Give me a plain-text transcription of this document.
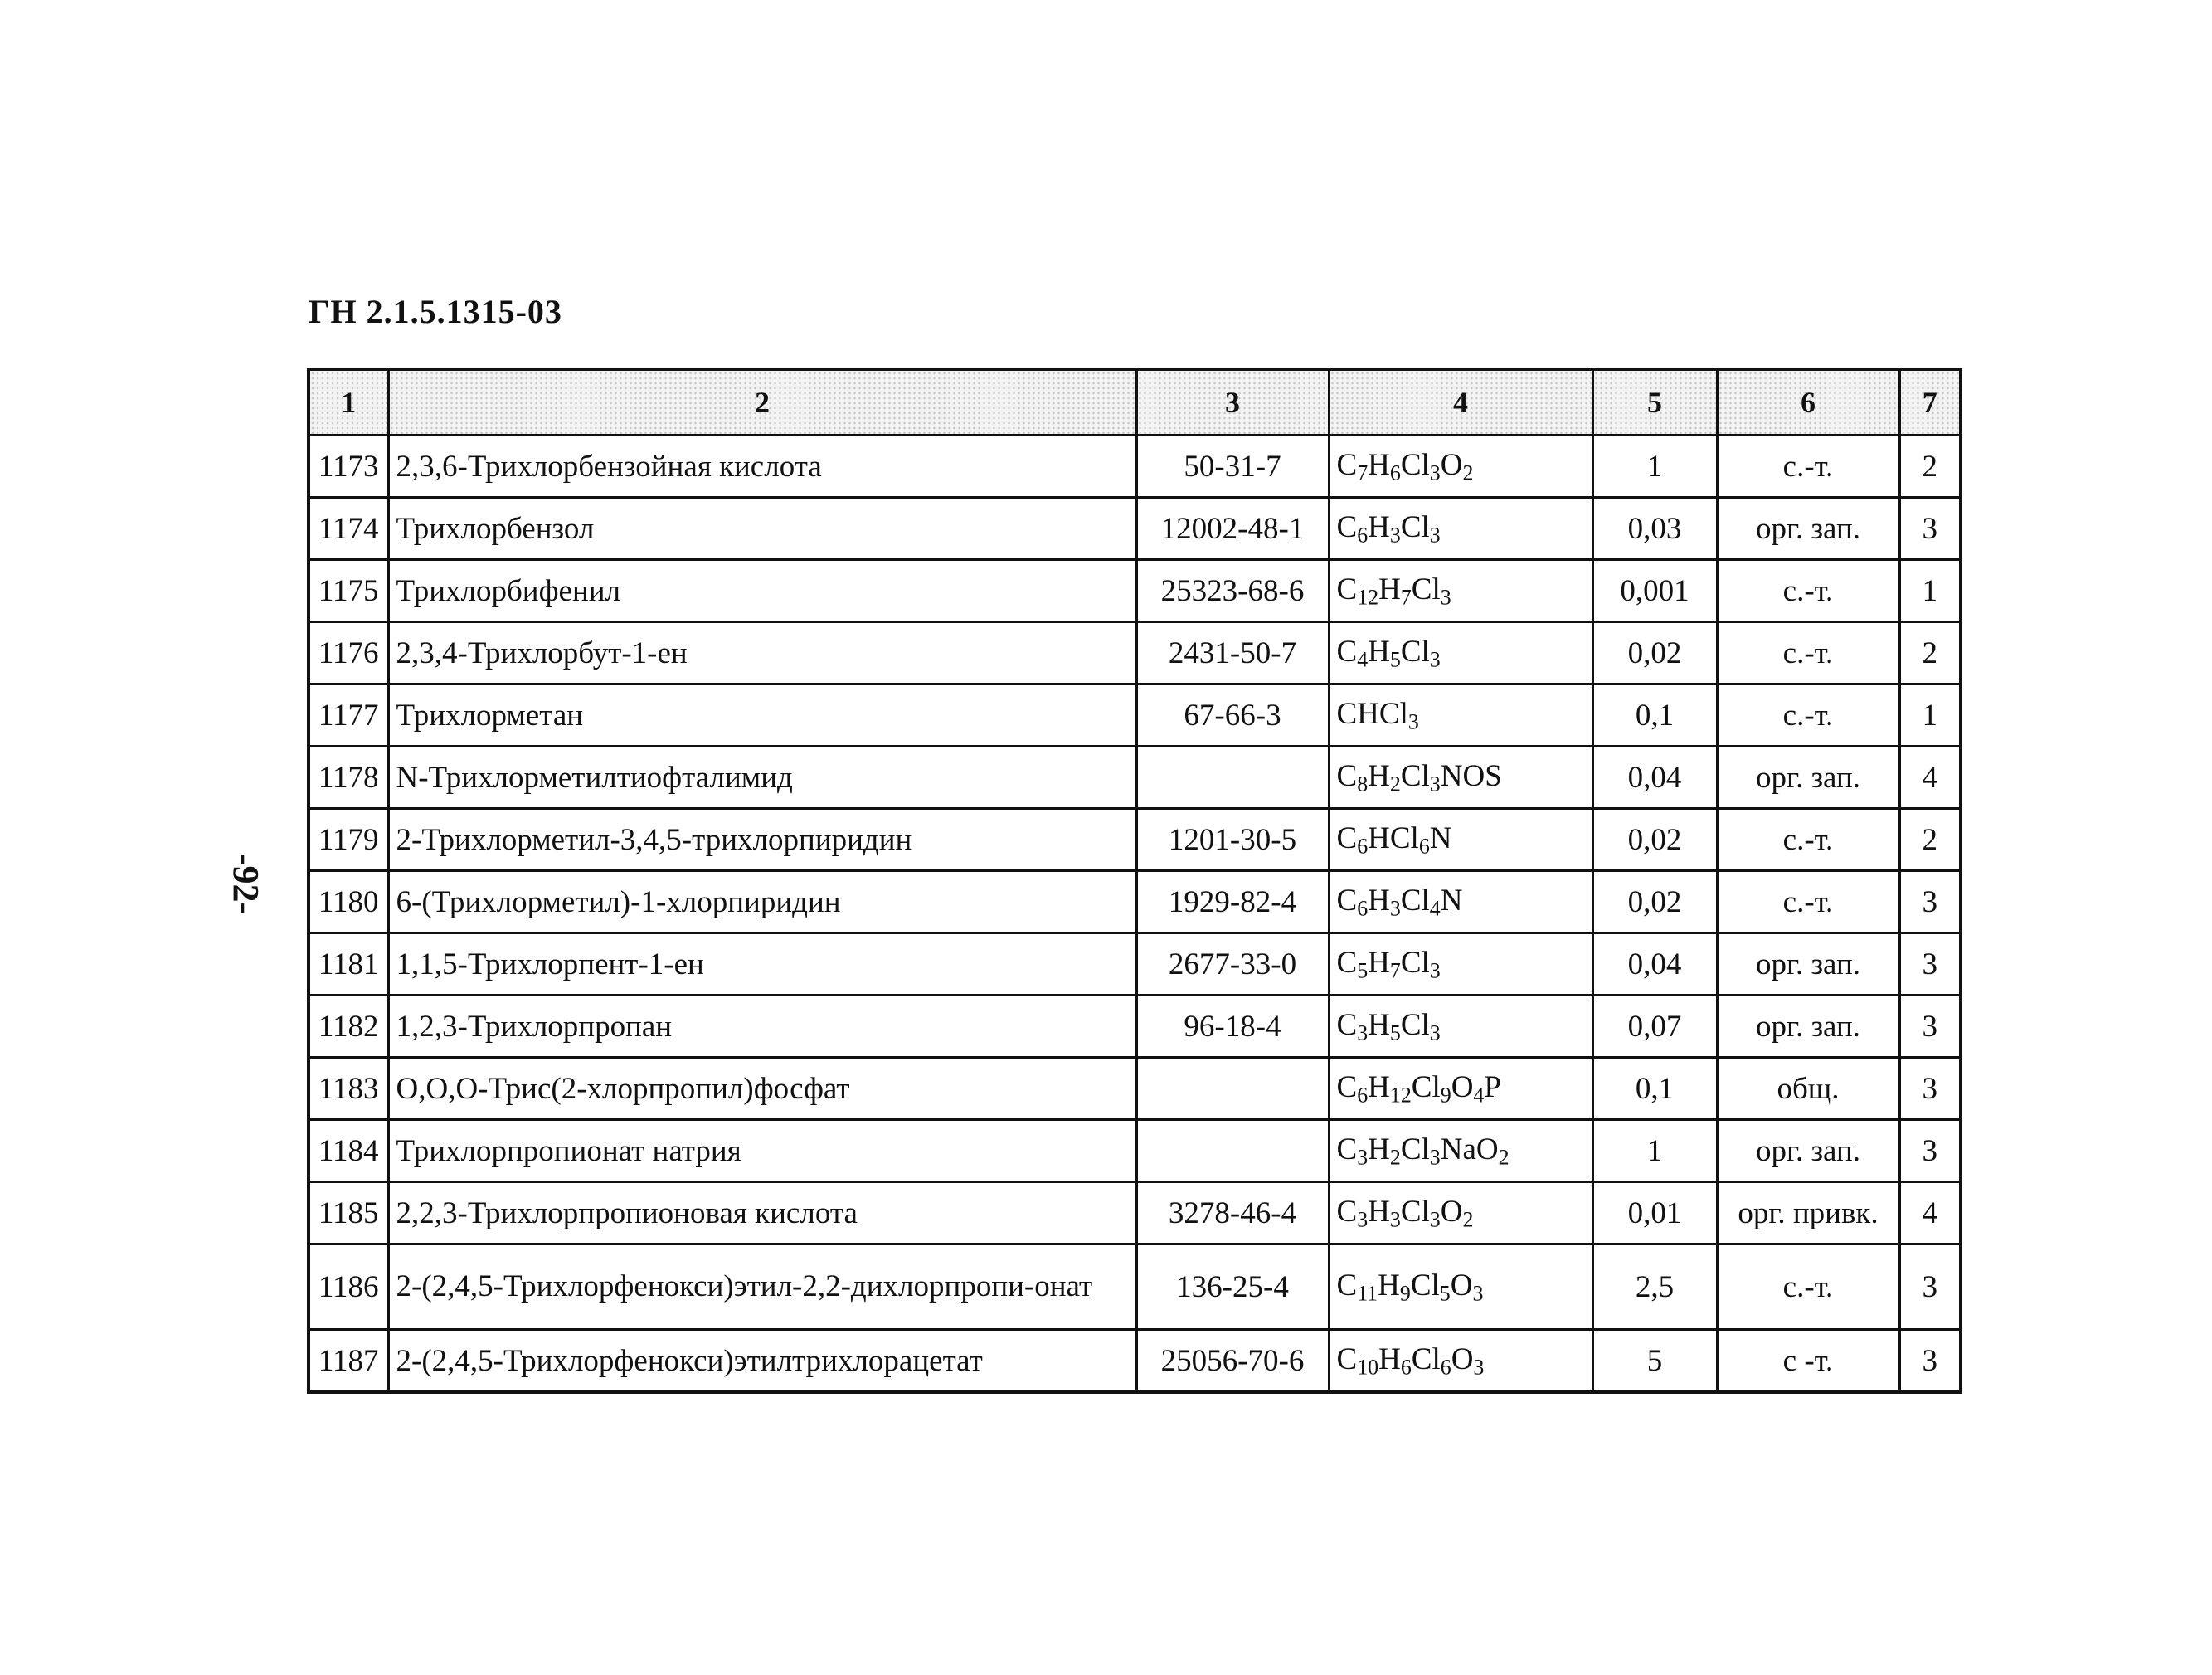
ГН 2.1.5.1315-03
-92-
1	2	3	4	5	6	7
1173	2,3,6-Трихлорбензойная кислота	50-31-7	$C_7H_6Cl_3O_2$	1	с.-т.	2
1174	Трихлорбензол	12002-48-1	$C_6H_3Cl_3$	0,03	орг. зап.	3
1175	Трихлорбифенил	25323-68-6	$C_{12}H_7Cl_3$	0,001	с.-т.	1
1176	2,3,4-Трихлорбут-1-ен	2431-50-7	$C_4H_5Cl_3$	0,02	с.-т.	2
1177	Трихлорметан	67-66-3	CHCl$_3$	0,1	с.-т.	1
1178	N-Трихлорметилтиофталимид		$C_8H_2Cl_3NOS$	0,04	орг. зап.	4
1179	2-Трихлорметил-3,4,5-трихлорпиридин	1201-30-5	$C_6HCl_6N$	0,02	с.-т.	2
1180	6-(Трихлорметил)-1-хлорпиридин	1929-82-4	$C_6H_3Cl_4N$	0,02	с.-т.	3
1181	1,1,5-Трихлорпент-1-ен	2677-33-0	$C_5H_7Cl_3$	0,04	орг. зап.	3
1182	1,2,3-Трихлорпропан	96-18-4	$C_3H_5Cl_3$	0,07	орг. зап.	3
1183	О,О,О-Трис(2-хлорпропил)фосфат		$C_6H_{12}Cl_9O_4P$	0,1	общ.	3
1184	Трихлорпропионат натрия		$C_3H_2Cl_3NaO_2$	1	орг. зап.	3
1185	2,2,3-Трихлорпропионовая кислота	3278-46-4	$C_3H_3Cl_3O_2$	0,01	орг. привк.	4
1186	2-(2,4,5-Трихлорфенокси)этил-2,2-дихлорпропи-онат	136-25-4	$C_{11}H_9Cl_5O_3$	2,5	с.-т.	3
1187	2-(2,4,5-Трихлорфенокси)этилтрихлорацетат	25056-70-6	$C_{10}H_6Cl_6O_3$	5	с -т.	3
